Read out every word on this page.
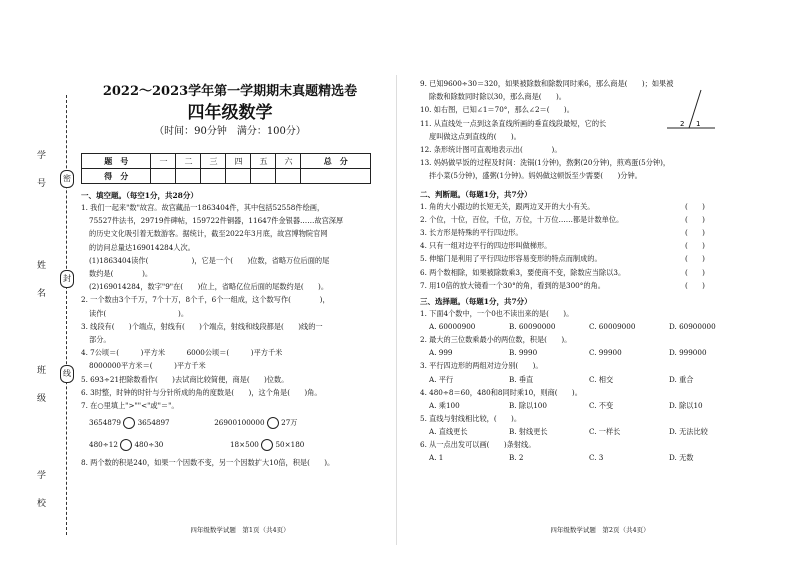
学 号
姓 名
班 级
学 校
密
封
线
2022～2023学年第一学期期末真题精选卷
四年级数学
（时间：90分钟　满分：100分）
题　号	一	二	三	四	五	六	总　分
得　分							
一、填空题。（每空1分，共28分）
1. 我们一起来"数"故宫。故宫藏品一1863404件，其中包括52558件绘画，
75527件法书，29719件碑帖，159722件铜器，11647件金银器……故宫深厚
的历史文化吸引着无数游客。据统计，截至2022年3月底，故宫博物院官网
的访问总量达169014284人次。
(1)1863404读作(　　　　　　)，它是一个(　　)位数，省略万位后面的尾
数约是(　　　　)。
(2)169014284，数字"9"在(　　)位上，省略亿位后面的尾数约是(　　)。
2. 一个数由3个千万，7个十万，8个千，6个一组成，这个数写作(　　　　)，
读作(　　　　　　　　　　)。
3. 线段有(　　)个端点，射线有(　　)个端点，射线和线段都是(　　)线的一
部分。
4. 7公顷＝(　　　)平方米　　　6000公顷＝(　　　)平方千米
8000000平方米＝(　　　)平方千米
5. 693÷21把除数看作(　　)去试商比较简便，商是(　　)位数。
6. 3时整，时钟的时针与分针所成的角的度数是(　　)，这个角是(　　)角。
7. 在○里填上">""<"或"＝"。
3654879 3654897	26900100000 27万
480÷12 480÷30	18×500 50×180
8. 两个数的积是240，如果一个因数不变，另一个因数扩大10倍，积是(　　)。
四年级数学试题　第1页（共4页）
9. 已知9600÷30＝320，如果被除数和除数同时乘6，那么商是(　　)；如果被
除数和除数同时除以30，那么商是(　　)。
10. 如右图，已知∠1＝70°，那么∠2＝(　　)。
11. 从直线处一点到这条直线所画的垂直线段最短，它的长
度叫做这点到直线的(　　)。
12. 条形统计图可直观地表示出(　　　　)。
13. 妈妈做早饭的过程及时间：洗锅(1分钟)，熬粥(20分钟)，煎鸡蛋(5分钟)，
拌小菜(5分钟)，盛粥(1分钟)。妈妈做这顿饭至少需要(　　)分钟。
二、判断题。（每题1分，共7分）
1. 角的大小跟边的长短无关，跟两边叉开的大小有关。	(　　)
2. 个位，十位，百位，千位，万位，十万位……都是计数单位。	(　　)
3. 长方形是特殊的平行四边形。	(　　)
4. 只有一组对边平行的四边形叫做梯形。	(　　)
5. 伸缩门是利用了平行四边形容易变形的特点而制成的。	(　　)
6. 两个数相除，如果被除数乘3，要使商不变，除数应当除以3。	(　　)
7. 用10倍的放大镜看一个30°的角，看到的是300°的角。	(　　)
三、选择题。（每题1分，共7分）
1. 下面4个数中，一个0也不读出来的是(　　)。
A. 60000900	B. 60090000	C. 60009000	D. 60900000
2. 最大的三位数乘最小的两位数，积是(　　)。
A. 999	B. 9990	C. 99900	D. 999000
3. 平行四边形的两组对边分别(　　)。
A. 平行	B. 垂直	C. 相交	D. 重合
4. 480÷8＝60，480和8同时乘10，则商(　　)。
A. 乘100	B. 除以100	C. 不变	D. 除以10
5. 直线与射线相比较，(　　)。
A. 直线更长	B. 射线更长	C. 一样长	D. 无法比较
6. 从一点出发可以画(　　)条射线。
A. 1	B. 2	C. 3	D. 无数
2 1
四年级数学试题　第2页（共4页）
